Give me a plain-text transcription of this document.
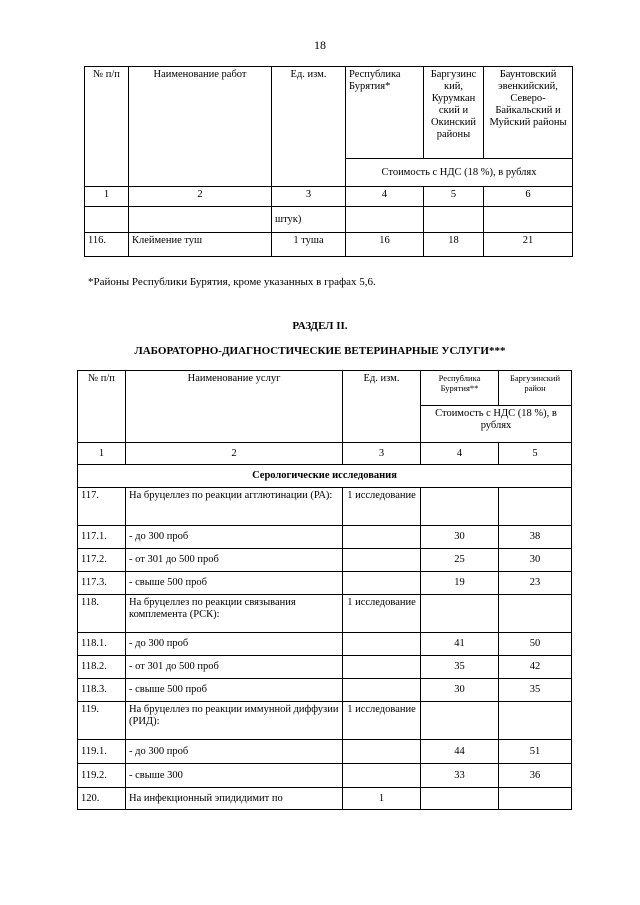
18
№ п/п	Наименование работ	Ед. изм.	Республика Бурятия*	Баргузинс кий, Курумкан ский и Окинский районы	Баунтовский эвенкийский, Северо-Байкальский и Муйский районы
			Стоимость с НДС (18 %), в рублях		
1	2	3	4	5	6
		штук)			
116.	Клеймение туш	1 туша	16	18	21
*Районы Республики Бурятия, кроме указанных в графах 5,6.
РАЗДЕЛ II.
ЛАБОРАТОРНО-ДИАГНОСТИЧЕСКИЕ ВЕТЕРИНАРНЫЕ УСЛУГИ***
№ п/п	Наименование услуг	Ед. изм.	Республика Бурятия**	Баргузинский район
			Стоимость с НДС (18 %), в рублях	
1	2	3	4	5
Серологические исследования				
117.	На бруцеллез по реакции агглютинации (РА):	1 исследование		
117.1.	- до 300 проб		30	38
117.2.	- от 301 до 500 проб		25	30
117.3.	- свыше 500 проб		19	23
118.	На бруцеллез по реакции связывания комплемента (РСК):	1 исследование		
118.1.	- до 300 проб		41	50
118.2.	- от 301 до 500 проб		35	42
118.3.	- свыше 500 проб		30	35
119.	На бруцеллез по реакции иммунной диффузии (РИД):	1 исследование		
119.1.	- до 300 проб		44	51
119.2.	- свыше 300		33	36
120.	На инфекционный эпидидимит по	1		
